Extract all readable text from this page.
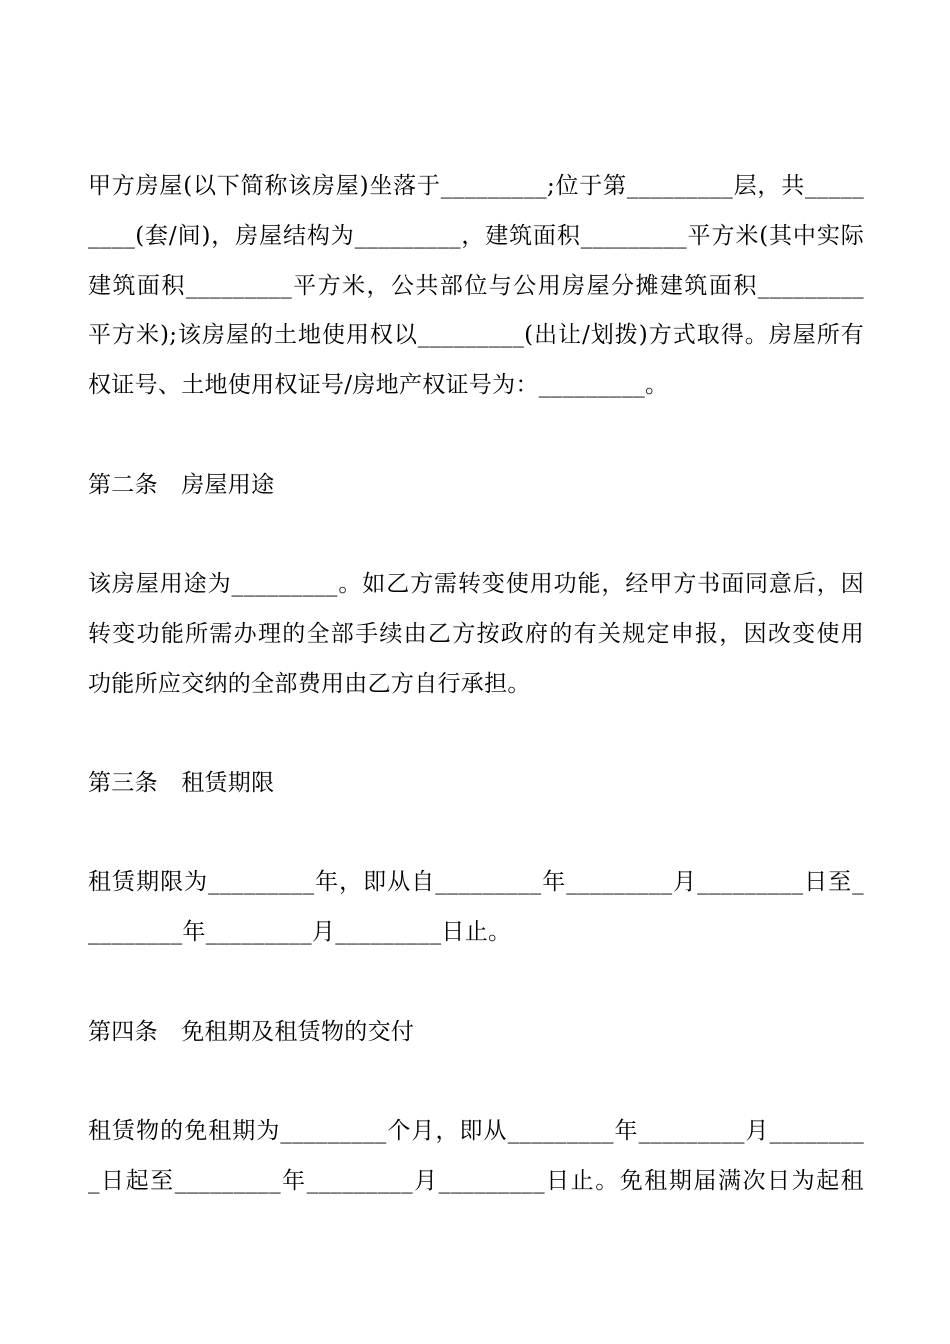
甲方房屋(以下简称该房屋)坐落于_________;位于第_________层，共_____
____(套/间)，房屋结构为_________，建筑面积_________平方米(其中实际
建筑面积_________平方米，公共部位与公用房屋分摊建筑面积_________
平方米);该房屋的土地使用权以_________(出让/划拨)方式取得。房屋所有
权证号、土地使用权证号/房地产权证号为：_________。
第二条　房屋用途
该房屋用途为_________。如乙方需转变使用功能，经甲方书面同意后，因
转变功能所需办理的全部手续由乙方按政府的有关规定申报，因改变使用
功能所应交纳的全部费用由乙方自行承担。
第三条　租赁期限
租赁期限为_________年，即从自_________年_________月_________日至_
________年_________月_________日止。
第四条　免租期及租赁物的交付
租赁物的免租期为_________个月，即从_________年_________月________
_日起至_________年_________月_________日止。免租期届满次日为起租
